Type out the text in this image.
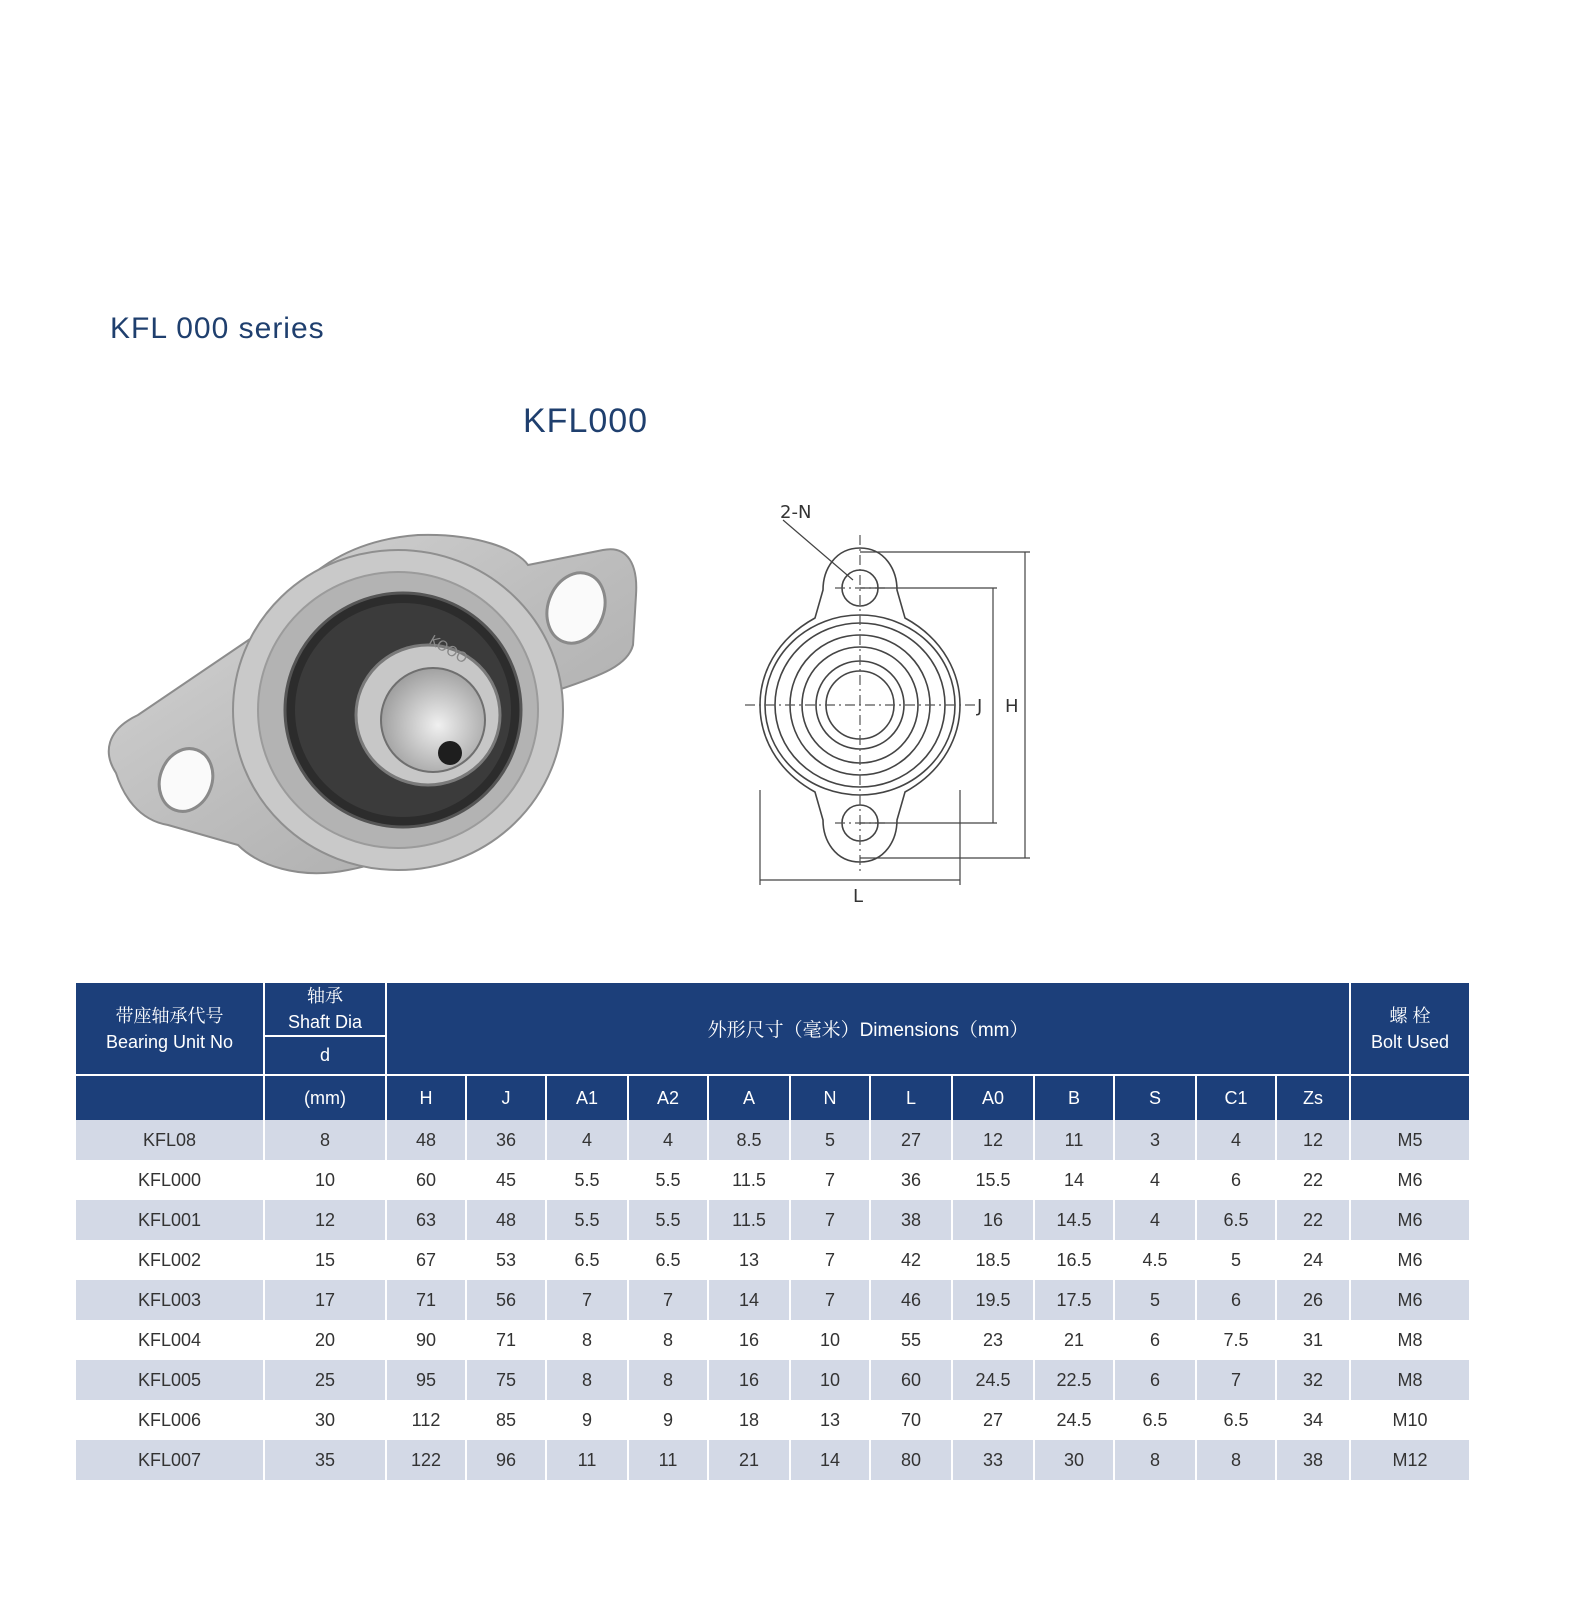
KFL 000 series
KFL000
KOOO
2-N
J H
L
带座轴承代号
Bearing Unit No	轴承
Shaft Dia	外形尺寸（毫米）Dimensions（mm）												螺 栓
Bolt Used

	d													
	(mm)	H	J	A1	A2	A	N	L	A0	B	S	C1	Zs	
KFL08	8	48	36	4	4	8.5	5	27	12	11	3	4	12	M5
KFL000	10	60	45	5.5	5.5	11.5	7	36	15.5	14	4	6	22	M6
KFL001	12	63	48	5.5	5.5	11.5	7	38	16	14.5	4	6.5	22	M6
KFL002	15	67	53	6.5	6.5	13	7	42	18.5	16.5	4.5	5	24	M6
KFL003	17	71	56	7	7	14	7	46	19.5	17.5	5	6	26	M6
KFL004	20	90	71	8	8	16	10	55	23	21	6	7.5	31	M8
KFL005	25	95	75	8	8	16	10	60	24.5	22.5	6	7	32	M8
KFL006	30	112	85	9	9	18	13	70	27	24.5	6.5	6.5	34	M10
KFL007	35	122	96	11	11	21	14	80	33	30	8	8	38	M12
